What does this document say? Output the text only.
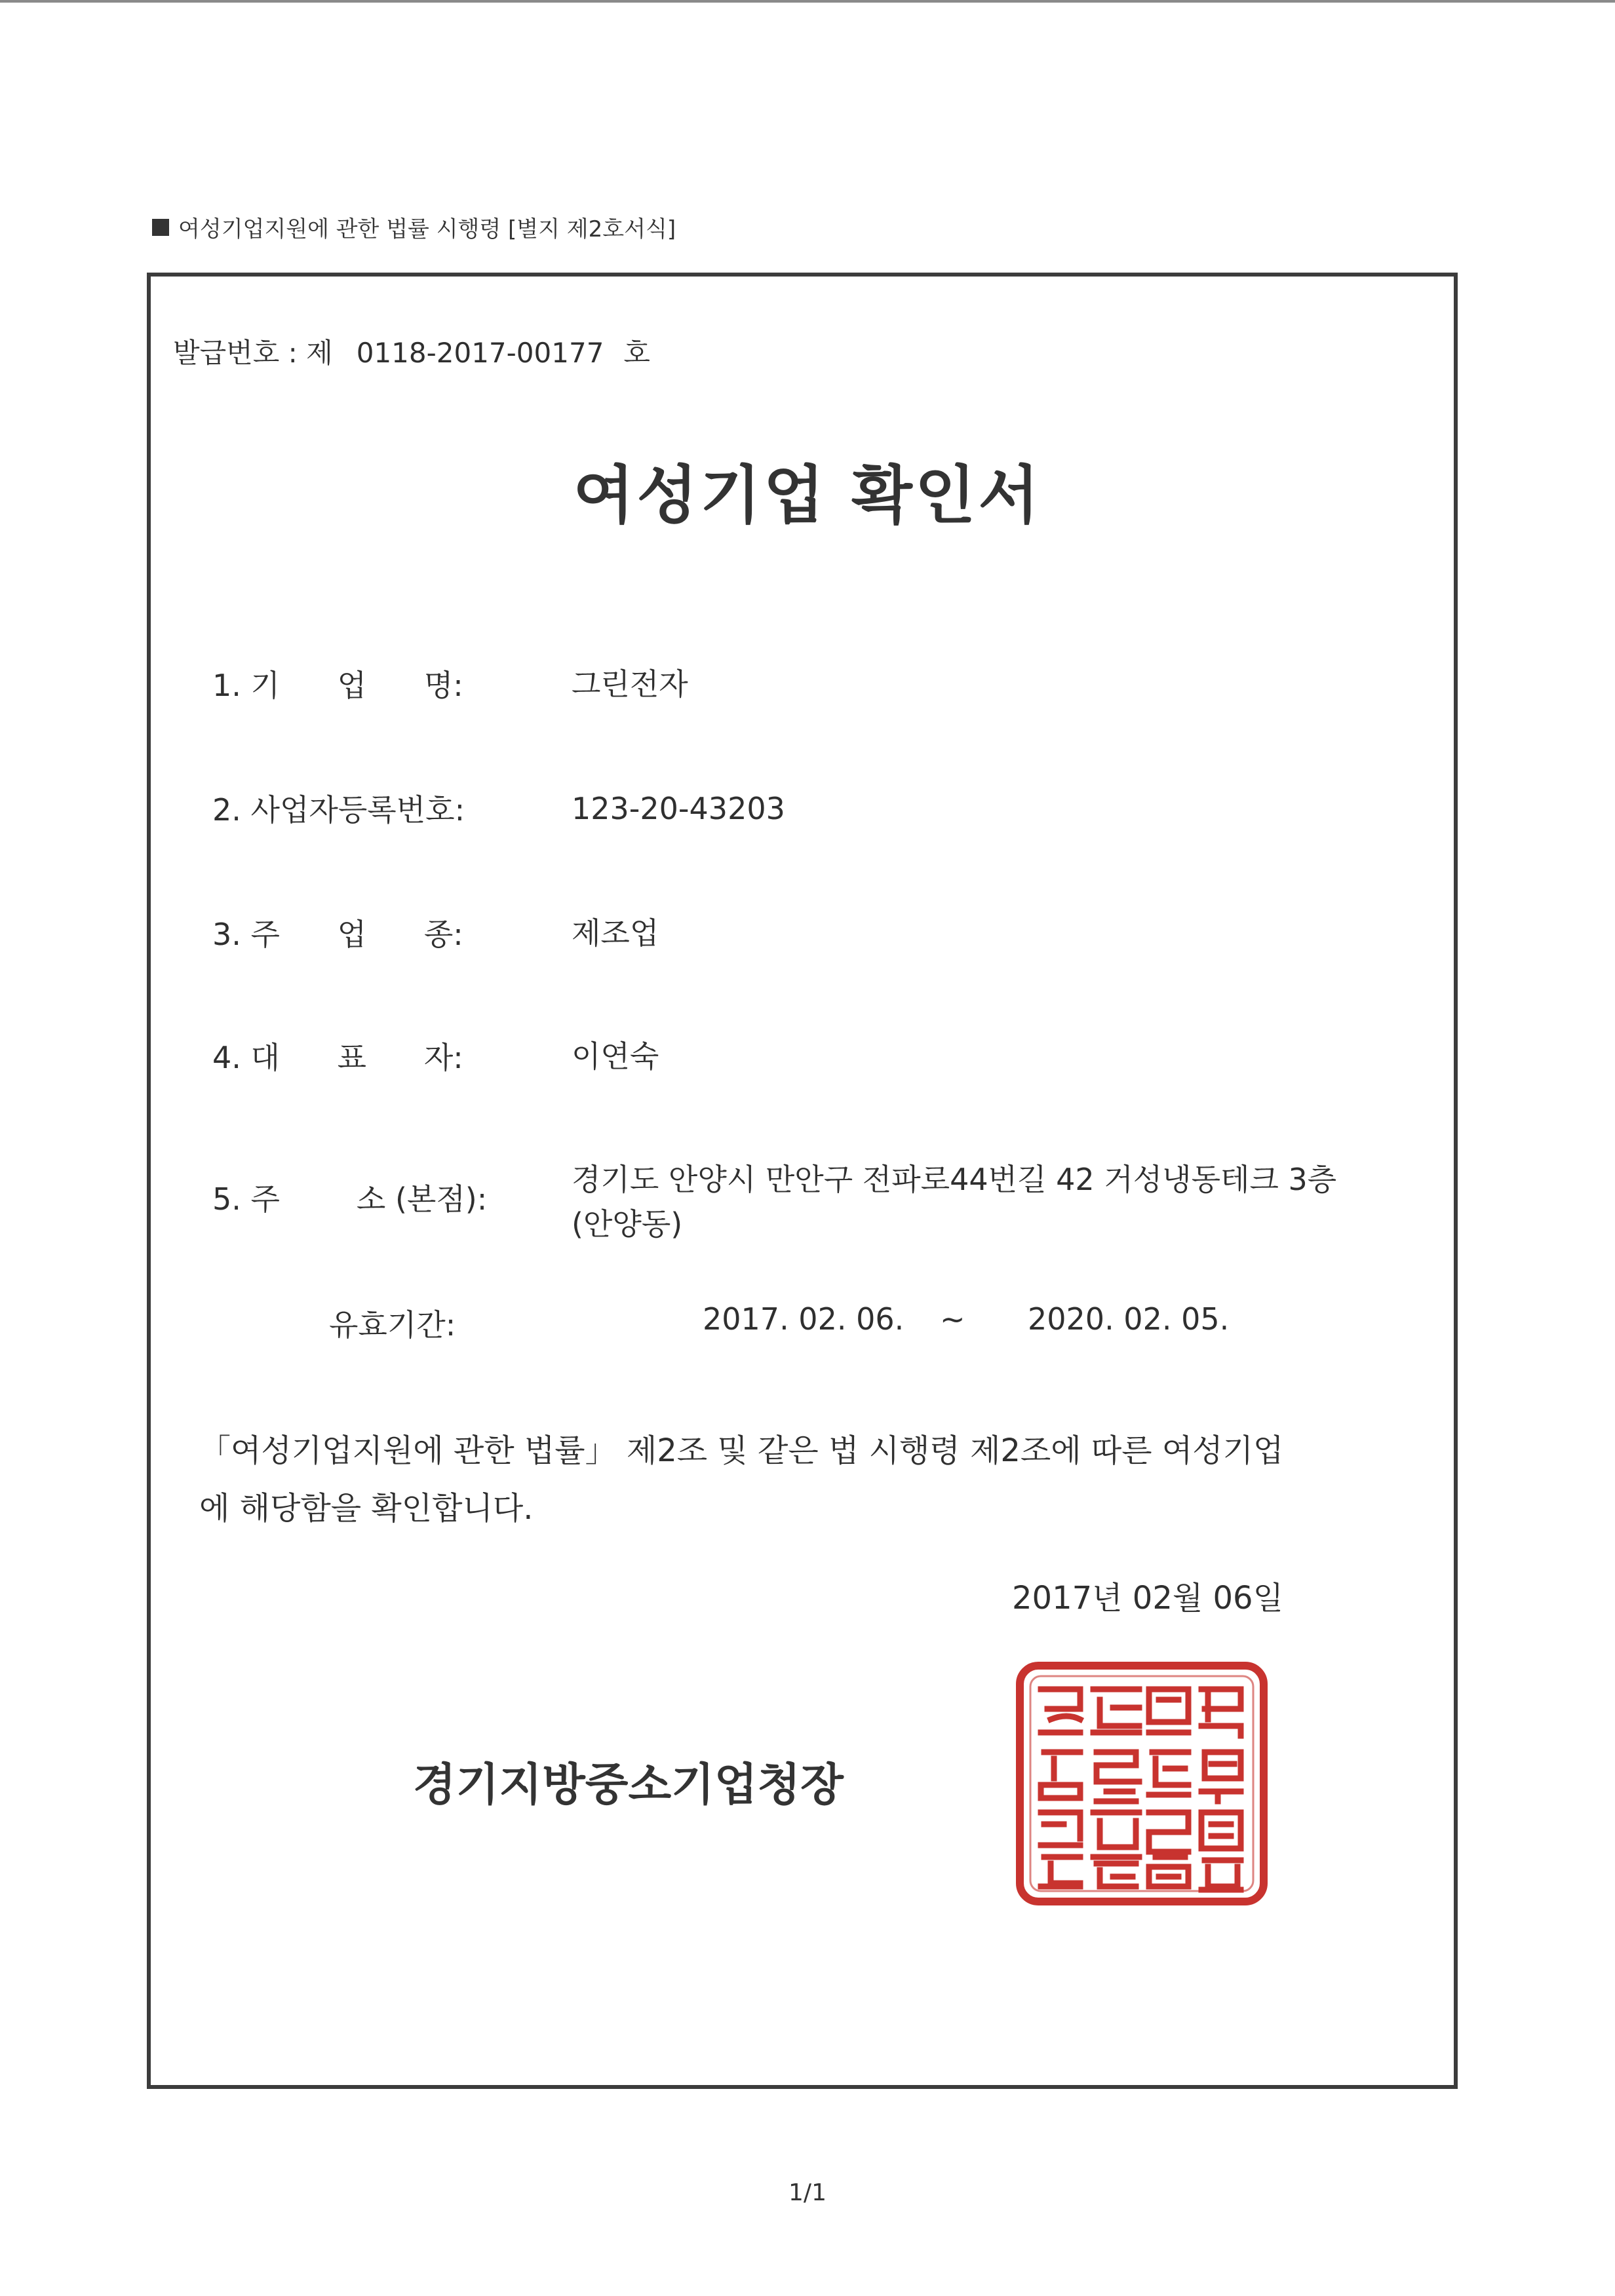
여성기업지원에 관한 법률 시행령 [별지 제2호서식]
발급번호 : 제 0118-2017-00177 호
여성기업 확인서
1. 기      업      명:	그린전자
2. 사업자등록번호:	123-20-43203
3. 주      업      종:	제조업
4. 대      표      자:	이연숙
5. 주        소 (본점):
경기도 안양시 만안구 전파로44번길 42 거성냉동테크 3층 (안양동)
유효기간:	2017. 02. 06. ~ 2020. 02. 05.
「여성기업지원에 관한 법률」 제2조 및 같은 법 시행령 제2조에 따른 여성기업에 해당함을 확인합니다.
2017년 02월 06일
경기지방중소기업청장
1/1
